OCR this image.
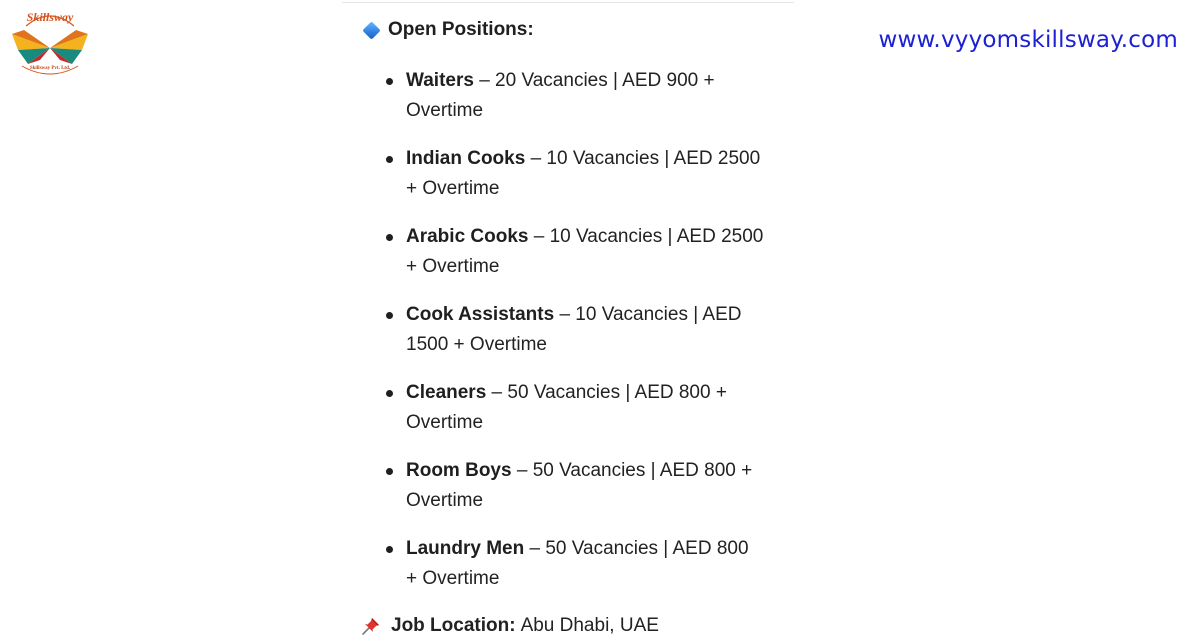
Skillsway
Skillsway Pvt. Ltd.
www.vyyomskillsway.com
Open Positions:
Waiters – 20 Vacancies | AED 900 +
Overtime
Indian Cooks – 10 Vacancies | AED 2500
+ Overtime
Arabic Cooks – 10 Vacancies | AED 2500
+ Overtime
Cook Assistants – 10 Vacancies | AED
1500 + Overtime
Cleaners – 50 Vacancies | AED 800 +
Overtime
Room Boys – 50 Vacancies | AED 800 +
Overtime
Laundry Men – 50 Vacancies | AED 800
+ Overtime
Job Location: Abu Dhabi, UAE
